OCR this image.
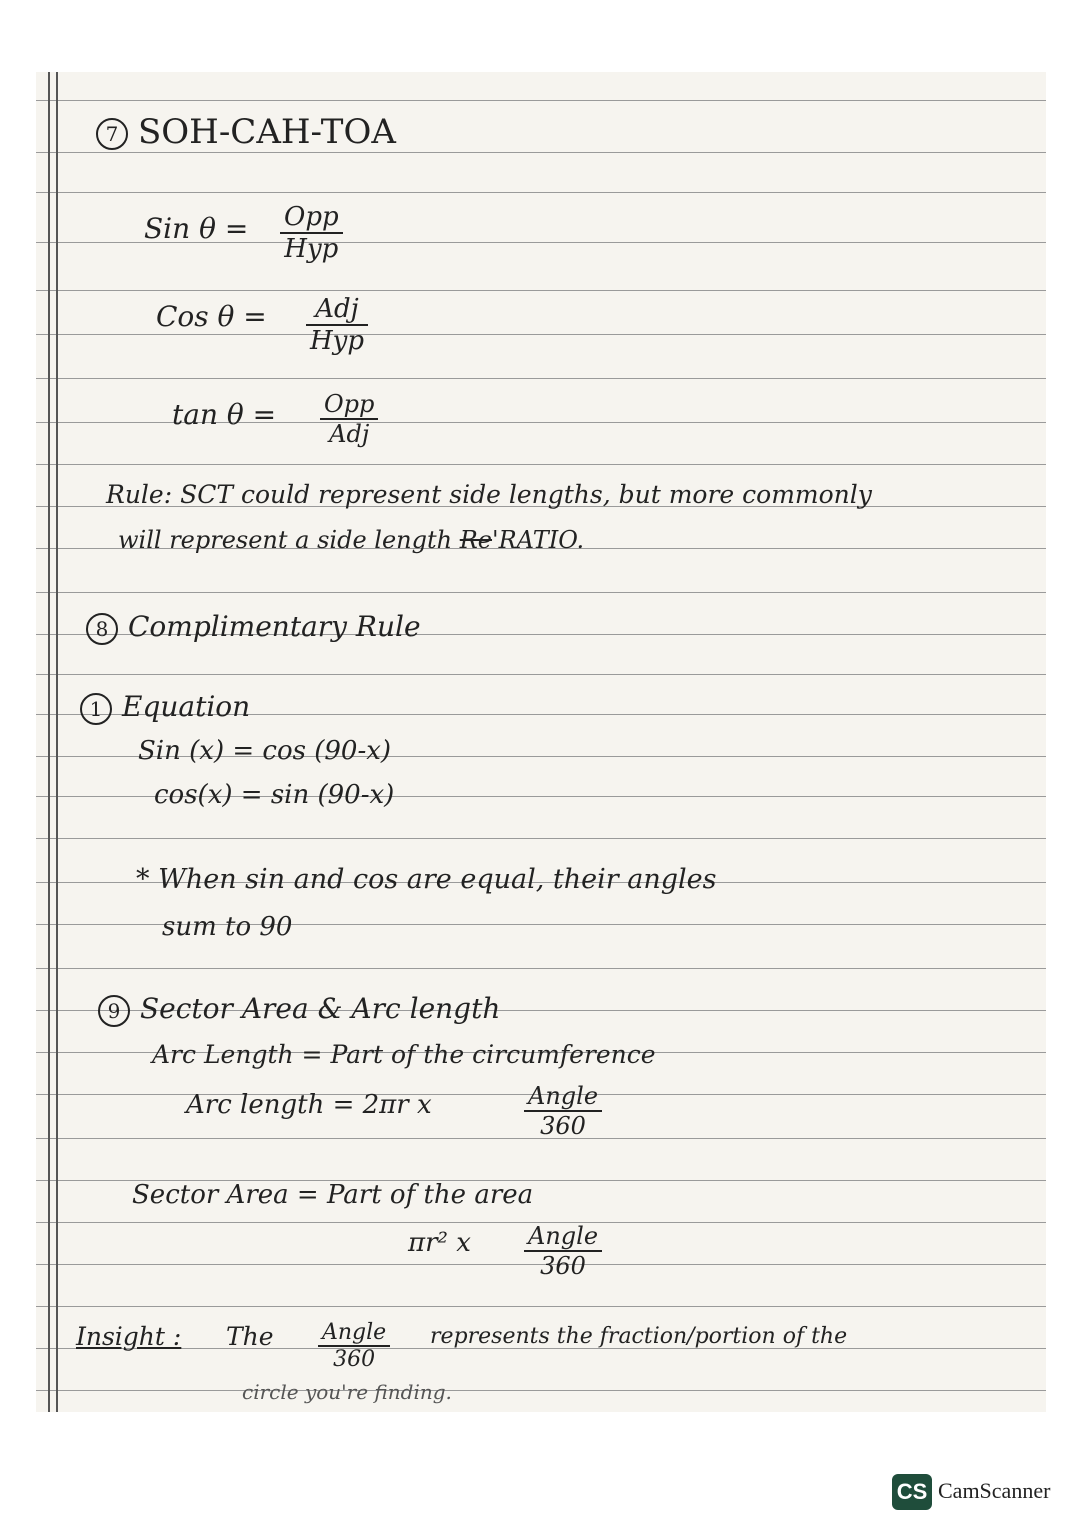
7 SOH-CAH-TOA
Sin θ = Opp
Hyp
Cos θ =	Adj
Hyp
tan θ = Opp
Adj
Rule: SCT could represent side lengths, but more commonly
will represent a side length Re'RATIO.
8 Complimentary Rule
1 Equation
Sin (x) = cos (90-x)
cos(x) = sin (90-x)
* When sin and cos are equal, their angles
sum to 90
9 Sector Area & Arc length
Arc Length = Part of the circumference
Arc length = 2πr x	Angle
360
Sector Area = Part of the area
πr² x Angle
360
Insight : The Angle
360
represents the fraction/portion of the
circle you're finding.
CS CamScanner
